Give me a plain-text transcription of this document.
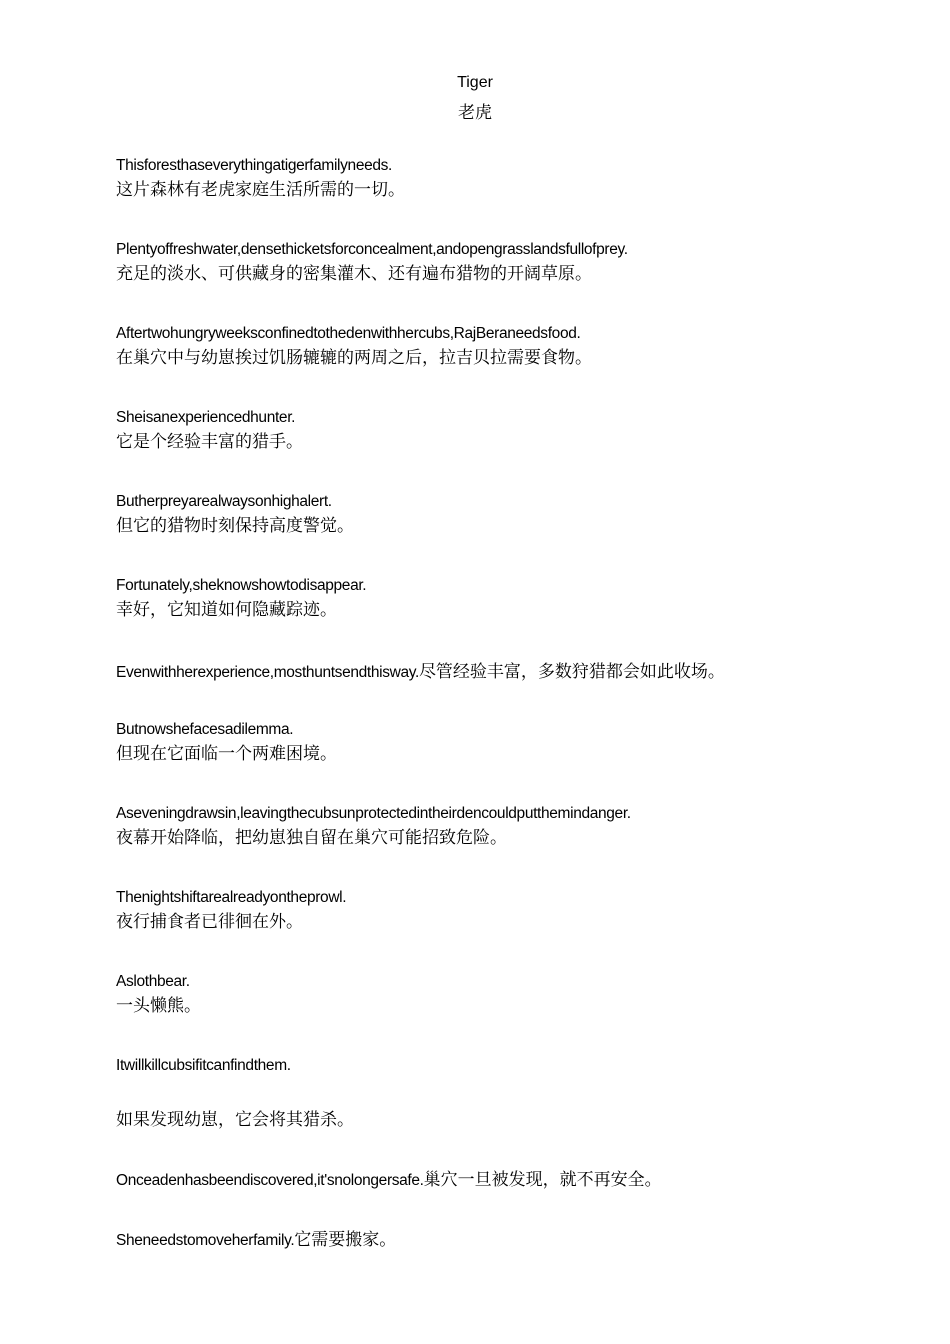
Tiger
老虎
Thisforesthaseverythingatigerfamilyneeds.
这片森林有老虎家庭生活所需的一切。
Plentyoffreshwater,densethicketsforconcealment,andopengrasslandsfullofprey.
充足的淡水、可供藏身的密集灌木、还有遍布猎物的开阔草原。
Aftertwohungryweeksconfinedtothedenwithhercubs,RajBeraneedsfood.
在巢穴中与幼崽挨过饥肠辘辘的两周之后，拉吉贝拉需要食物。
Sheisanexperiencedhunter.
它是个经验丰富的猎手。
Butherpreyarealwaysonhighalert.
但它的猎物时刻保持高度警觉。
Fortunately,sheknowshowtodisappear.
幸好，它知道如何隐藏踪迹。
Evenwithherexperience,mosthuntsendthisway.尽管经验丰富，多数狩猎都会如此收场。
Butnowshefacesadilemma.
但现在它面临一个两难困境。
Aseveningdrawsin,leavingthecubsunprotectedintheirdencouldputthemindanger.
夜幕开始降临，把幼崽独自留在巢穴可能招致危险。
Thenightshiftarealreadyontheprowl.
夜行捕食者已徘徊在外。
Aslothbear.
一头懒熊。
Itwillkillcubsifitcanfindthem.
如果发现幼崽，它会将其猎杀。
Onceadenhasbeendiscovered,it'snolongersafe.巢穴一旦被发现，就不再安全。
Sheneedstomoveherfamily.它需要搬家。
